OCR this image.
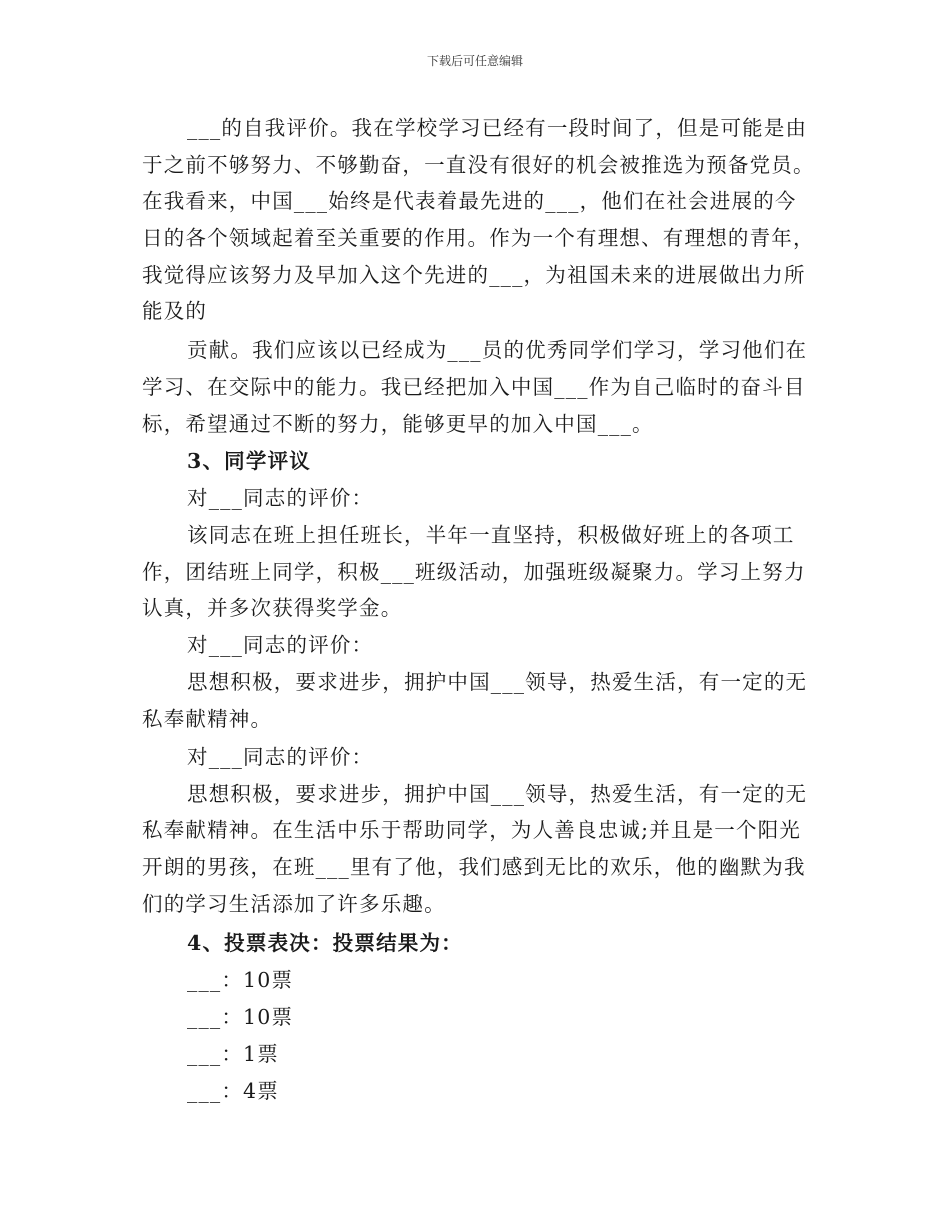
下载后可任意编辑
___的自我评价。我在学校学习已经有一段时间了，但是可能是由
于之前不够努力、不够勤奋，一直没有很好的机会被推选为预备党员。
在我看来，中国___始终是代表着最先进的___，他们在社会进展的今
日的各个领域起着至关重要的作用。作为一个有理想、有理想的青年，
我觉得应该努力及早加入这个先进的___，为祖国未来的进展做出力所
能及的
贡献。我们应该以已经成为___员的优秀同学们学习，学习他们在
学习、在交际中的能力。我已经把加入中国___作为自己临时的奋斗目
标，希望通过不断的努力，能够更早的加入中国___。
3、同学评议
对___同志的评价：
该同志在班上担任班长，半年一直坚持，积极做好班上的各项工
作，团结班上同学，积极___班级活动，加强班级凝聚力。学习上努力
认真，并多次获得奖学金。
对___同志的评价：
思想积极，要求进步，拥护中国___领导，热爱生活，有一定的无
私奉献精神。
对___同志的评价：
思想积极，要求进步，拥护中国___领导，热爱生活，有一定的无
私奉献精神。在生活中乐于帮助同学，为人善良忠诚;并且是一个阳光
开朗的男孩，在班___里有了他，我们感到无比的欢乐，他的幽默为我
们的学习生活添加了许多乐趣。
4、投票表决：投票结果为：
___：10票
___：10票
___：1票
___：4票
